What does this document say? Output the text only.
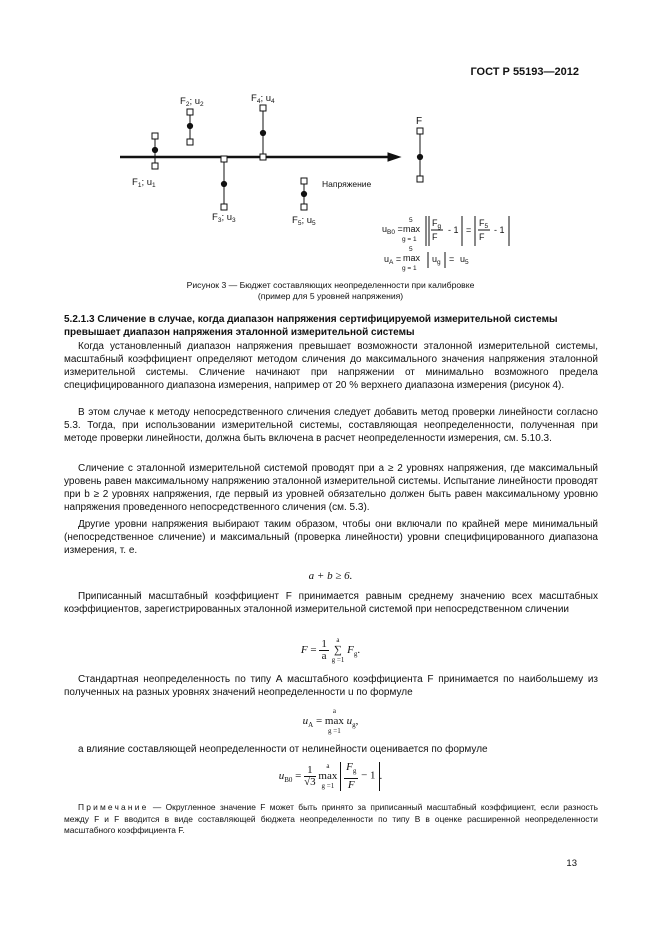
ГОСТ Р 55193—2012
$F_1$; $u_1$
$F_2$; $u_2$
$F_3$; $u_3$
$F_4$; $u_4$
$F_5$; $u_5$
F
Напряжение
$u_{B0}$ =
5
max
g = 1
$F_g$
F
- 1 =
$F_5$
F
- 1
$u_A$ =
5
max
g = 1
$u_g = u_5$
Рисунок 3 — Бюджет составляющих неопределенности при калибровке
(пример для 5 уровней напряжения)
5.2.1.3 Сличение в случае, когда диапазон напряжения сертифицируемой измерительной системы превышает диапазон напряжения эталонной измерительной системы

Когда установленный диапазон напряжения превышает возможности эталонной измерительной системы, масштабный коэффициент определяют методом сличения до максимального значения напряжения эталонной измерительной системы. Сличение начинают при напряжении от минимально возможного предела специфицированного диапазона измерения, например от 20 % верхнего диапазона измерения (рисунок 4).

В этом случае к методу непосредственного сличения следует добавить метод проверки линейности согласно 5.3. Тогда, при использовании измерительной системы, составляющая неопределенности, полученная при методе проверки линейности, должна быть включена в расчет неопределенности измерения, см. 5.10.3.

Сличение с эталонной измерительной системой проводят при a ≥ 2 уровнях напряжения, где максимальный уровень равен максимальному напряжению эталонной измерительной системы. Испытание линейности проводят при b ≥ 2 уровнях напряжения, где первый из уровней обязательно должен быть равен максимальному уровню напряжения проведенного непосредственного сличения (см. 5.3).

Другие уровни напряжения выбирают таким образом, чтобы они включали по крайней мере минимальный (непосредственное сличение) и максимальный (проверка линейности) уровни специфицированного диапазона измерения, т. е.

a + b ≥ 6.

Приписанный масштабный коэффициент F принимается равным среднему значению всех масштабных коэффициентов, зарегистрированных эталонной измерительной системой при непосредственном сличении

$F = \frac{1}{a}$
	a
∑
g =1
$F_g$.

Стандартная неопределенность по типу А масштабного коэффициента F принимается по наибольшему из полученных на разных уровнях значений неопределенности u по формуле

$u_A$ =
a
max
g =1
$u_g$,

а влияние составляющей неопределенности от нелинейности оценивается по формуле

$u_{B0} = \frac{1}{√3}$
	a
max
g =1
$\frac{F_g}{F} - 1$ .
Примечание — Округленное значение F может быть принято за приписанный масштабный коэффициент, если разность между F и F вводится в виде составляющей бюджета неопределенности по типу В в оценке расширенной неопределенности масштабного коэффициента F.
13
